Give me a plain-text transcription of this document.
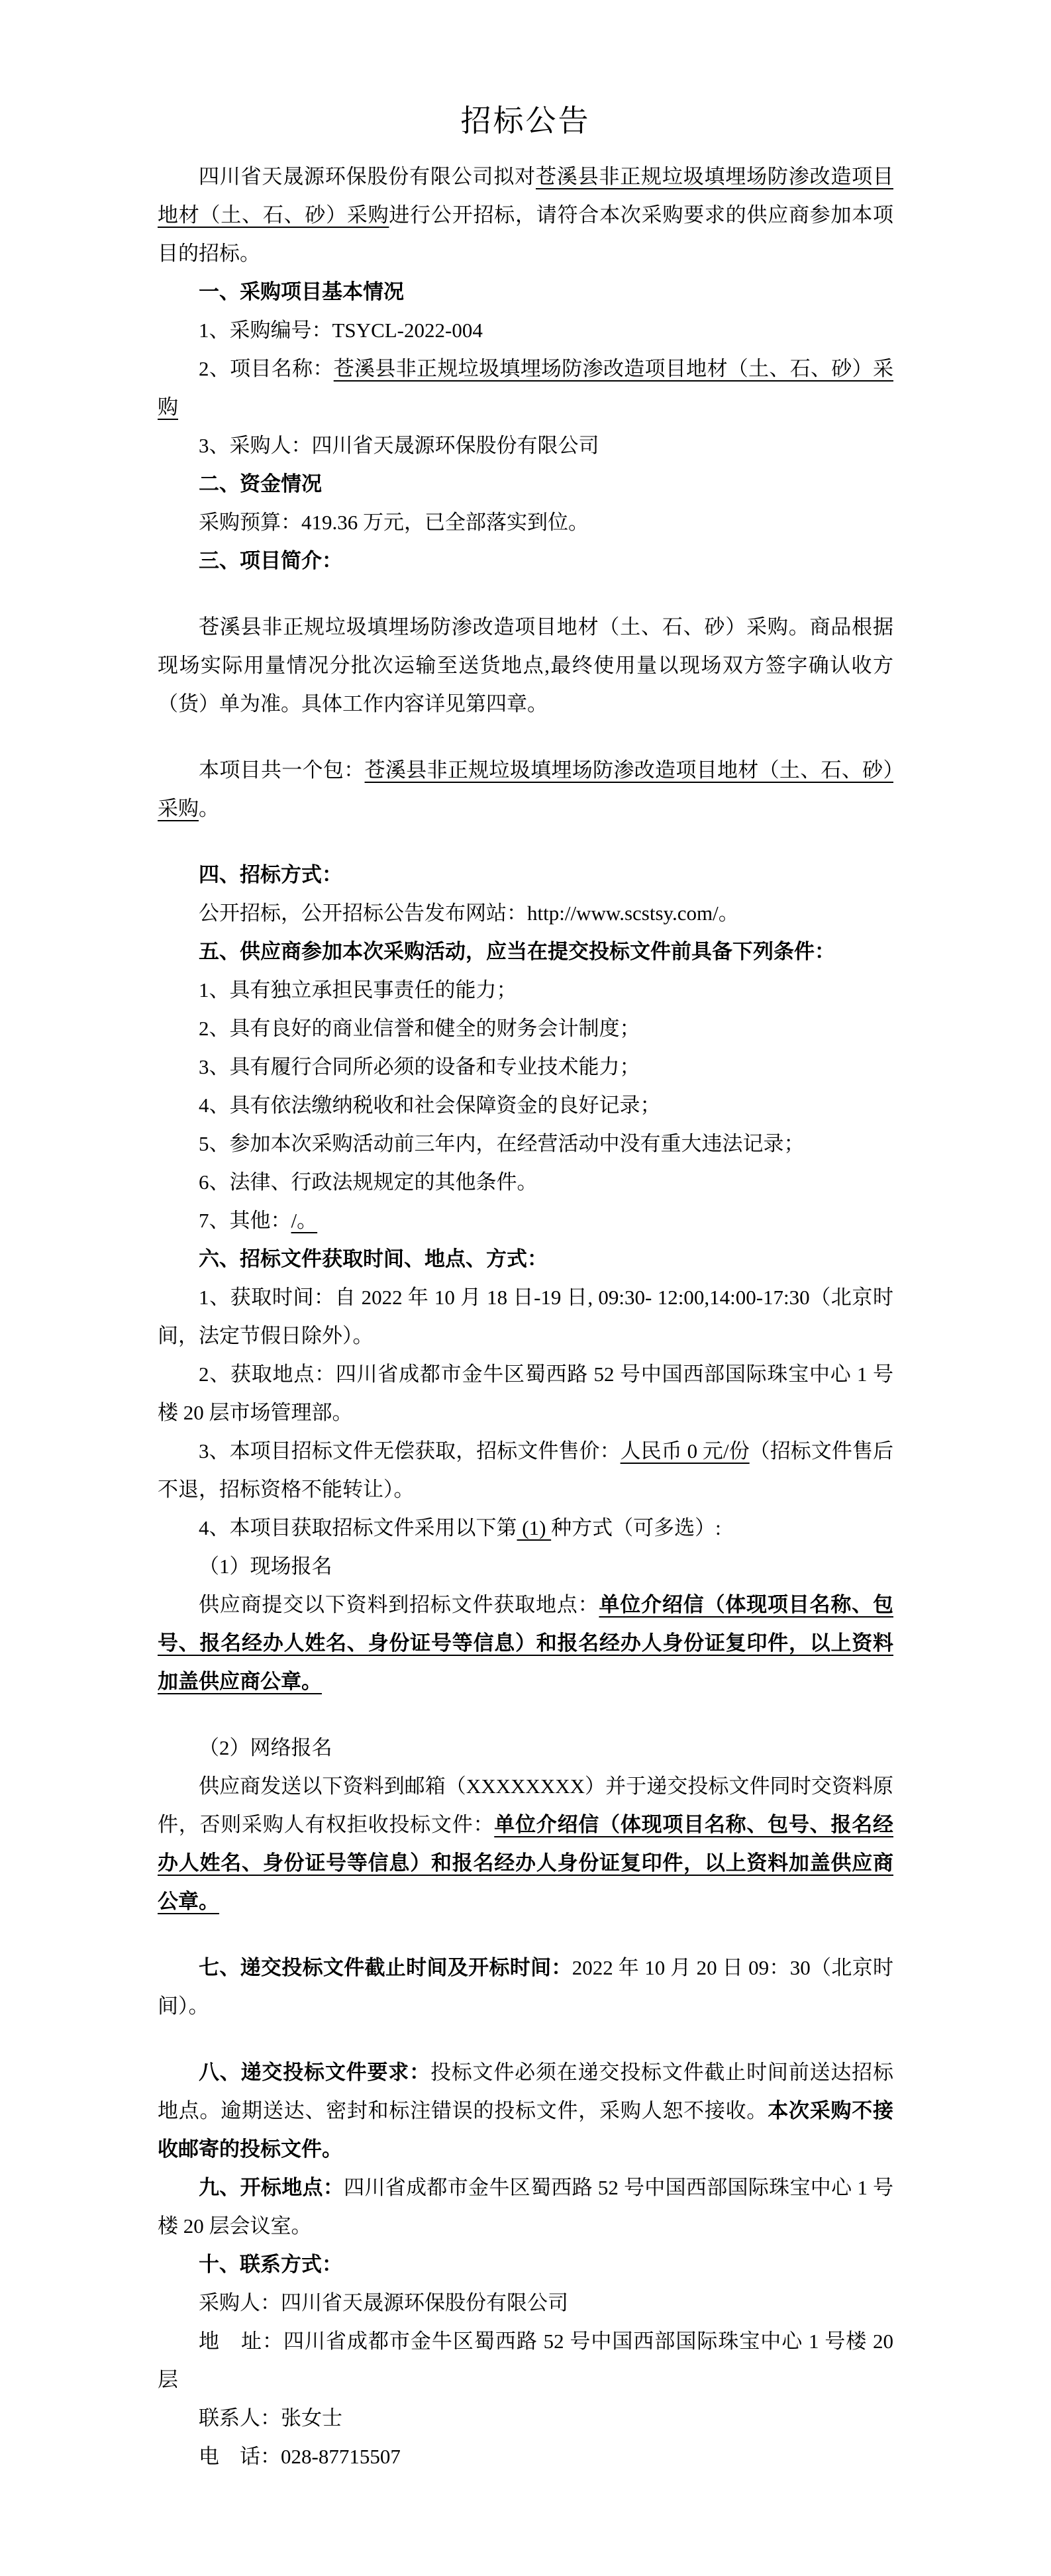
招标公告

四川省天晟源环保股份有限公司拟对苍溪县非正规垃圾填埋场防渗改造项目地材（土、石、砂）采购进行公开招标，请符合本次采购要求的供应商参加本项目的招标。

一、采购项目基本情况

1、采购编号：TSYCL-2022-004

2、项目名称：苍溪县非正规垃圾填埋场防渗改造项目地材（土、石、砂）采购

3、采购人：四川省天晟源环保股份有限公司

二、资金情况

采购预算：419.36 万元，已全部落实到位。

三、项目简介：

苍溪县非正规垃圾填埋场防渗改造项目地材（土、石、砂）采购。商品根据现场实际用量情况分批次运输至送货地点,最终使用量以现场双方签字确认收方（货）单为准。具体工作内容详见第四章。

本项目共一个包：苍溪县非正规垃圾填埋场防渗改造项目地材（土、石、砂）采购。

四、招标方式：

公开招标，公开招标公告发布网站：http://www.scstsy.com/。

五、供应商参加本次采购活动，应当在提交投标文件前具备下列条件：

1、具有独立承担民事责任的能力；

2、具有良好的商业信誉和健全的财务会计制度；

3、具有履行合同所必须的设备和专业技术能力；

4、具有依法缴纳税收和社会保障资金的良好记录；

5、参加本次采购活动前三年内，在经营活动中没有重大违法记录；

6、法律、行政法规规定的其他条件。

7、其他：/。

六、招标文件获取时间、地点、方式：

1、获取时间：自 2022 年 10 月 18 日-19 日, 09:30- 12:00,14:00-17:30（北京时间，法定节假日除外）。

2、获取地点：四川省成都市金牛区蜀西路 52 号中国西部国际珠宝中心 1 号楼 20 层市场管理部。

3、本项目招标文件无偿获取，招标文件售价：人民币 0 元/份（招标文件售后不退，招标资格不能转让）。

4、本项目获取招标文件采用以下第 (1) 种方式（可多选）:

（1）现场报名

供应商提交以下资料到招标文件获取地点：单位介绍信（体现项目名称、包号、报名经办人姓名、身份证号等信息）和报名经办人身份证复印件，以上资料加盖供应商公章。

（2）网络报名

供应商发送以下资料到邮箱（XXXXXXXX）并于递交投标文件同时交资料原件，否则采购人有权拒收投标文件：单位介绍信（体现项目名称、包号、报名经办人姓名、身份证号等信息）和报名经办人身份证复印件，以上资料加盖供应商公章。

七、递交投标文件截止时间及开标时间：2022 年 10 月 20 日 09：30（北京时间）。

八、递交投标文件要求：投标文件必须在递交投标文件截止时间前送达招标地点。逾期送达、密封和标注错误的投标文件，采购人恕不接收。本次采购不接收邮寄的投标文件。

九、开标地点：四川省成都市金牛区蜀西路 52 号中国西部国际珠宝中心 1 号楼 20 层会议室。

十、联系方式：

采购人：四川省天晟源环保股份有限公司

地　址：四川省成都市金牛区蜀西路 52 号中国西部国际珠宝中心 1 号楼 20 层

联系人：张女士

电　话：028-87715507
